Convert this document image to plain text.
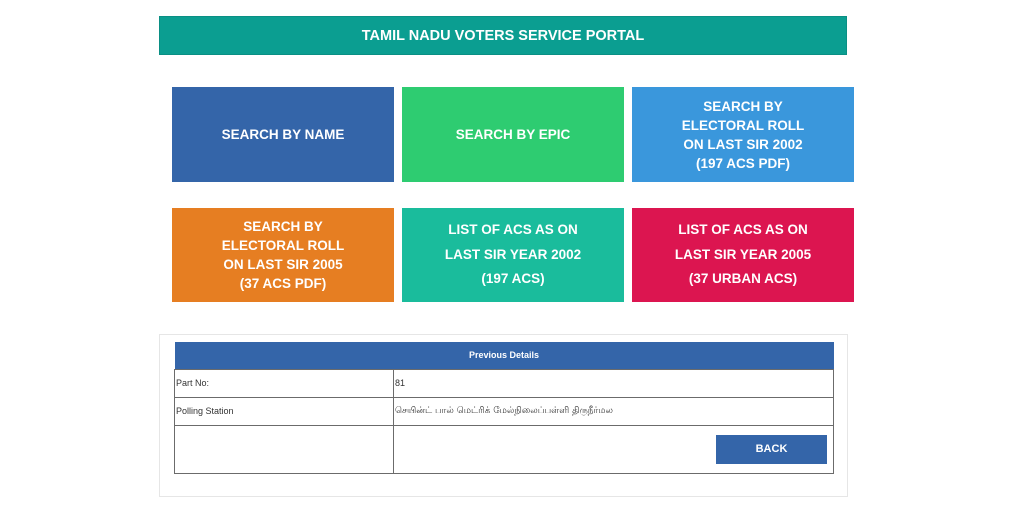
TAMIL NADU VOTERS SERVICE PORTAL
SEARCH BY NAME	SEARCH BY EPIC
SEARCH BY
ELECTORAL ROLL
ON LAST SIR 2002
(197 ACS PDF)
SEARCH BY
ELECTORAL ROLL
ON LAST SIR 2005
(37 ACS PDF)
LIST OF ACS AS ON
LAST SIR YEAR 2002
(197 ACS)
LIST OF ACS AS ON
LAST SIR YEAR 2005
(37 URBAN ACS)
Previous Details	
Part No:	81
Polling Station	செயின்ட் பால் மெட்ரிக் மேல்நிலைப்பள்ளி திருநீர்மல

	BACK
